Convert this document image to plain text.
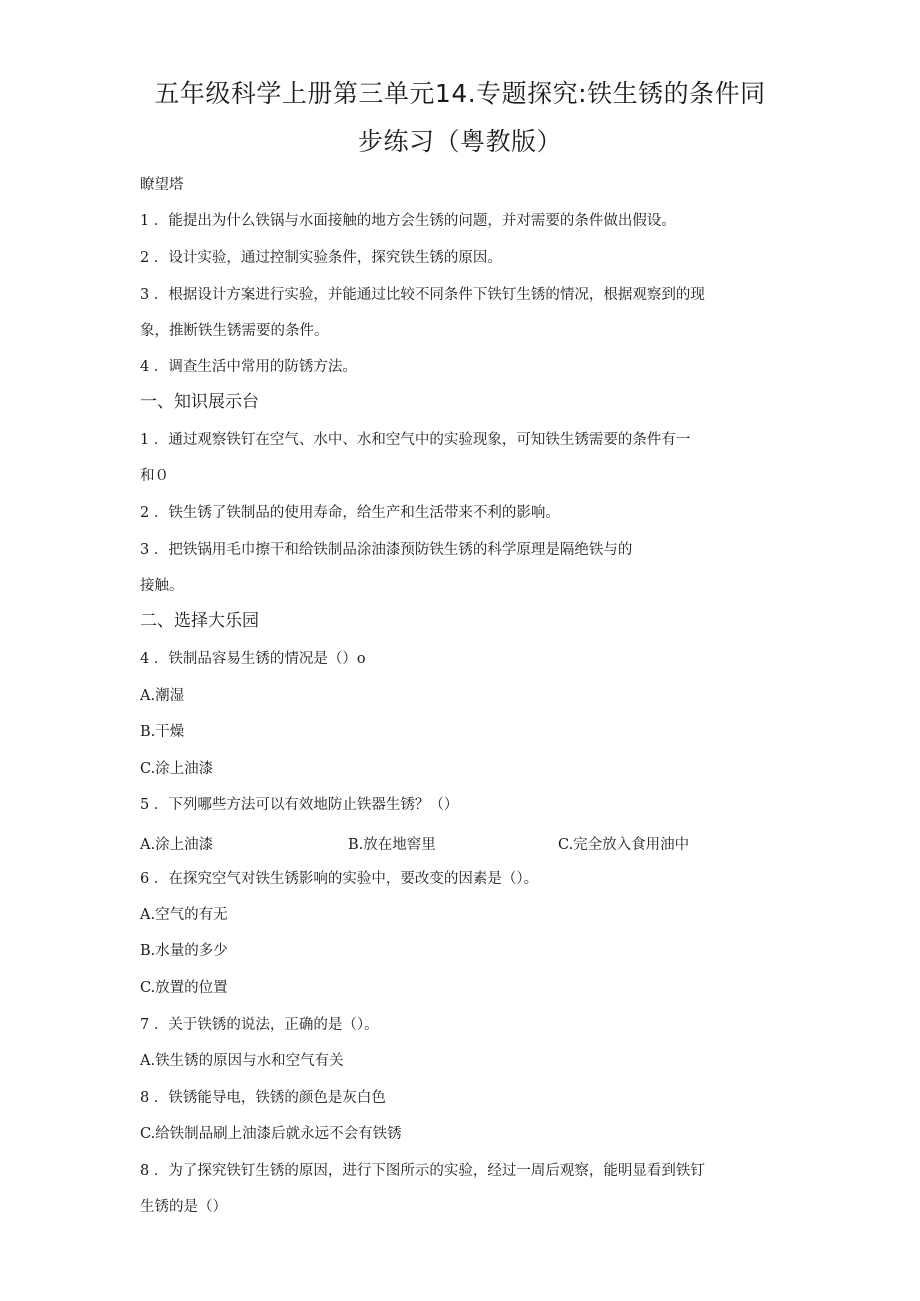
五年级科学上册第三单元14.专题探究:铁生锈的条件同
步练习（粤教版）
瞭望塔
1 ．能提出为什么铁锅与水面接触的地方会生锈的问题，并对需要的条件做出假设。
2 ．设计实验，通过控制实验条件，探究铁生锈的原因。
3 ．根据设计方案进行实验，并能通过比较不同条件下铁钉生锈的情况，根据观察到的现
象，推断铁生锈需要的条件。
4 ．调查生活中常用的防锈方法。
一、知识展示台
1 ．通过观察铁钉在空气、水中、水和空气中的实验现象，可知铁生锈需要的条件有一
和０
2 ．铁生锈了铁制品的使用寿命，给生产和生活带来不利的影响。
3 ．把铁锅用毛巾擦干和给铁制品涂油漆预防铁生锈的科学原理是隔绝铁与的
接触。
二、选择大乐园
4 ．铁制品容易生锈的情况是（）o
A.潮湿
B.干燥
C.涂上油漆
5 ．下列哪些方法可以有效地防止铁器生锈？（）
A.涂上油漆	B.放在地窖里	C.完全放入食用油中
6 ．在探究空气对铁生锈影响的实验中，要改变的因素是（）。
A.空气的有无
B.水量的多少
C.放置的位置
7 ．关于铁锈的说法，正确的是（）。
A.铁生锈的原因与水和空气有关
8 ．铁锈能导电，铁锈的颜色是灰白色
C.给铁制品刷上油漆后就永远不会有铁锈
8 ．为了探究铁钉生锈的原因，进行下图所示的实验，经过一周后观察，能明显看到铁钉
生锈的是（）
